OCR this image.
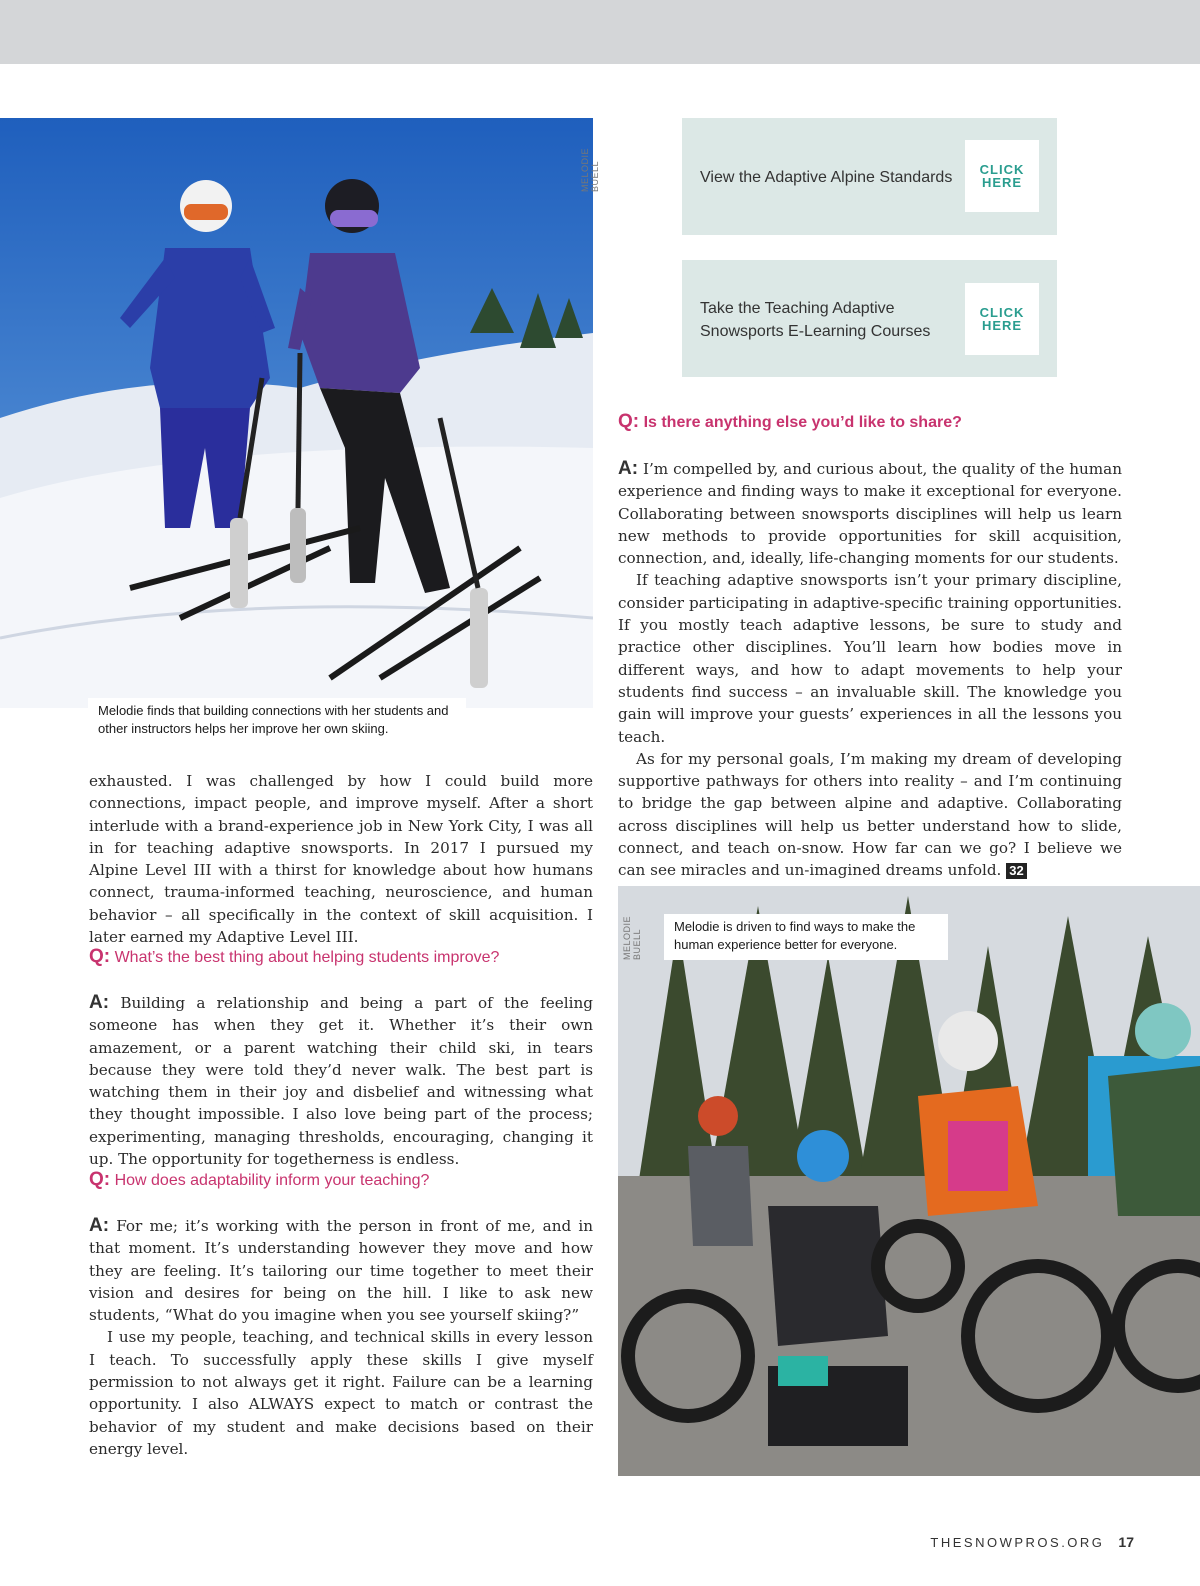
MELODIE BUELL
Melodie finds that building connections with her students and other instructors helps her improve her own skiing.
View the Adaptive Alpine Standards	CLICK HERE
Take the Teaching Adaptive Snowsports E-Learning Courses
CLICK HERE
Q: Is there anything else you’d like to share?

A: I’m compelled by, and curious about, the quality of the human experience and finding ways to make it exceptional for everyone. Collaborating between snowsports disciplines will help us learn new methods to provide opportunities for skill acquisition, connection, and, ideally, life-changing moments for our students.

If teaching adaptive snowsports isn’t your primary discipline, consider participating in adaptive-specific training opportunities. If you mostly teach adaptive lessons, be sure to study and practice other disciplines. You’ll learn how bodies move in different ways, and how to adapt movements to help your students find success – an invaluable skill. The knowledge you gain will improve your guests’ experiences in all the lessons you teach.

As for my personal goals, I’m making my dream of developing supportive pathways for others into reality – and I’m continuing to bridge the gap between alpine and adaptive. Collaborating across disciplines will help us better understand how to slide, connect, and teach on-snow. How far can we go? I believe we can see miracles and un-imagined dreams unfold. 32

MELODIE BUELL
Melodie is driven to find ways to make the human experience better for everyone.
exhausted. I was challenged by how I could build more connections, impact people, and improve myself. After a short interlude with a brand-experience job in New York City, I was all in for teaching adaptive snowsports. In 2017 I pursued my Alpine Level III with a thirst for knowledge about how humans connect, trauma-informed teaching, neuroscience, and human behavior – all specifically in the context of skill acquisition. I later earned my Adaptive Level III.
Q: What’s the best thing about helping students improve?

A: Building a relationship and being a part of the feeling someone has when they get it. Whether it’s their own amazement, or a parent watching their child ski, in tears because they were told they’d never walk. The best part is watching them in their joy and disbelief and witnessing what they thought impossible. I also love being part of the process; experimenting, managing thresholds, encouraging, changing it up. The opportunity for togetherness is endless.

Q: How does adaptability inform your teaching?

A: For me; it’s working with the person in front of me, and in that moment. It’s understanding however they move and how they are feeling. It’s tailoring our time together to meet their vision and desires for being on the hill. I like to ask new students, “What do you imagine when you see yourself skiing?”

I use my people, teaching, and technical skills in every lesson I teach. To successfully apply these skills I give myself permission to not always get it right. Failure can be a learning opportunity. I also ALWAYS expect to match or contrast the behavior of my student and make decisions based on their energy level.

THESNOWPROS.ORG 17
